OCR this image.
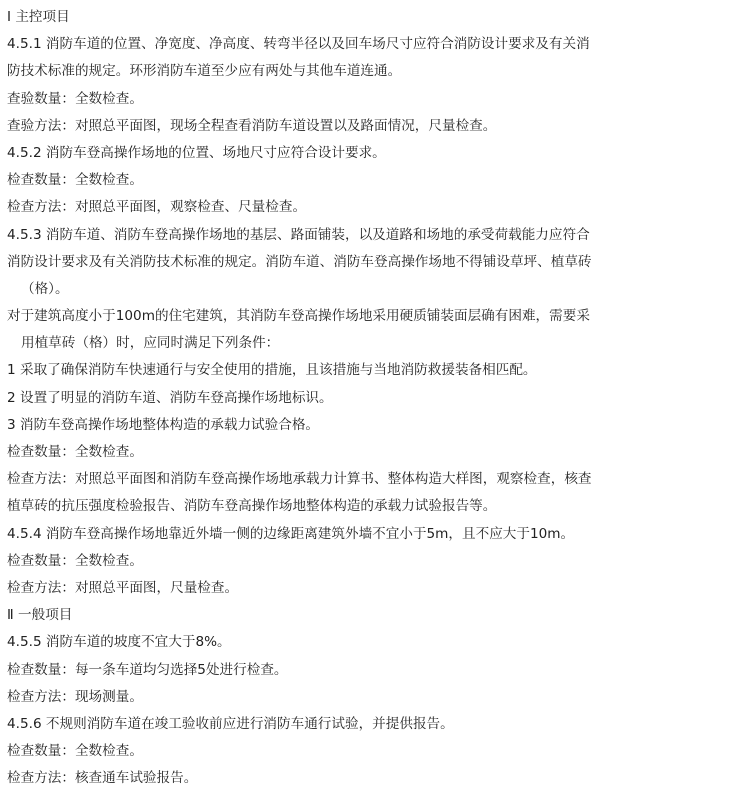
Ⅰ 主控项目
4.5.1 消防车道的位置、净宽度、净高度、转弯半径以及回车场尺寸应符合消防设计要求及有关消
防技术标准的规定。环形消防车道至少应有两处与其他车道连通。
查验数量：全数检查。
查验方法：对照总平面图，现场全程查看消防车道设置以及路面情况，尺量检查。
4.5.2 消防车登高操作场地的位置、场地尺寸应符合设计要求。
检查数量：全数检查。
检查方法：对照总平面图，观察检查、尺量检查。
4.5.3 消防车道、消防车登高操作场地的基层、路面铺装，以及道路和场地的承受荷载能力应符合
消防设计要求及有关消防技术标准的规定。消防车道、消防车登高操作场地不得铺设草坪、植草砖
（格）。
对于建筑高度小于100m的住宅建筑，其消防车登高操作场地采用硬质铺装面层确有困难，需要采
用植草砖（格）时，应同时满足下列条件：
1 采取了确保消防车快速通行与安全使用的措施，且该措施与当地消防救援装备相匹配。
2 设置了明显的消防车道、消防车登高操作场地标识。
3 消防车登高操作场地整体构造的承载力试验合格。
检查数量：全数检查。
检查方法：对照总平面图和消防车登高操作场地承载力计算书、整体构造大样图，观察检查，核查
植草砖的抗压强度检验报告、消防车登高操作场地整体构造的承载力试验报告等。
4.5.4 消防车登高操作场地靠近外墙一侧的边缘距离建筑外墙不宜小于5m，且不应大于10m。
检查数量：全数检查。
检查方法：对照总平面图，尺量检查。
Ⅱ 一般项目
4.5.5 消防车道的坡度不宜大于8%。
检查数量：每一条车道均匀选择5处进行检查。
检查方法：现场测量。
4.5.6 不规则消防车道在竣工验收前应进行消防车通行试验，并提供报告。
检查数量：全数检查。
检查方法：核查通车试验报告。
